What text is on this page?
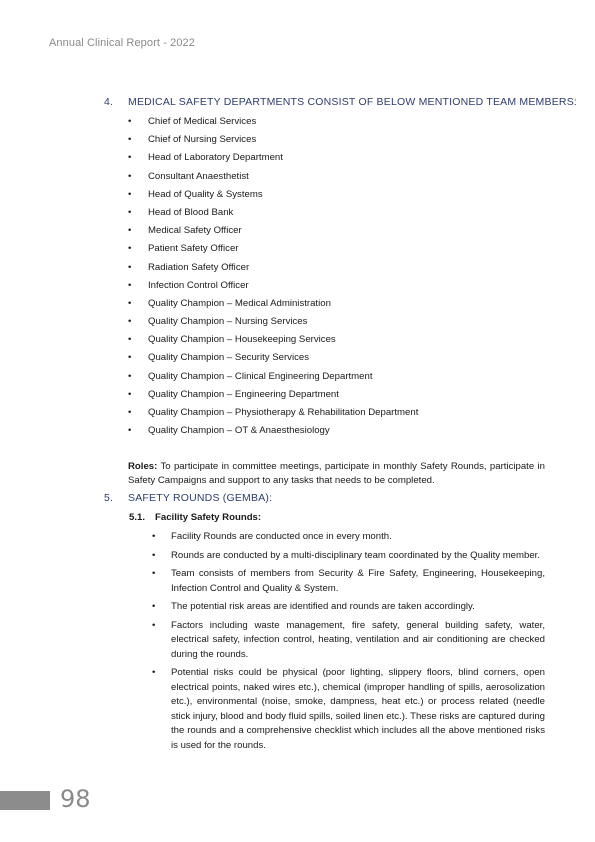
Annual Clinical Report - 2022
4. MEDICAL SAFETY DEPARTMENTS CONSIST OF BELOW MENTIONED TEAM MEMBERS:
• Chief of Medical Services
• Chief of Nursing Services
• Head of Laboratory Department
• Consultant Anaesthetist
• Head of Quality & Systems
• Head of Blood Bank
• Medical Safety Officer
• Patient Safety Officer
• Radiation Safety Officer
• Infection Control Officer
• Quality Champion – Medical Administration
• Quality Champion – Nursing Services
• Quality Champion – Housekeeping Services
• Quality Champion – Security Services
• Quality Champion – Clinical Engineering Department
• Quality Champion – Engineering Department
• Quality Champion – Physiotherapy & Rehabilitation Department
• Quality Champion – OT & Anaesthesiology

Roles: To participate in committee meetings, participate in monthly Safety Rounds, participate in Safety Campaigns and support to any tasks that needs to be completed.

5. SAFETY ROUNDS (GEMBA):
5.1. Facility Safety Rounds:
• Facility Rounds are conducted once in every month.
• Rounds are conducted by a multi-disciplinary team coordinated by the Quality member.
• Team consists of members from Security & Fire Safety, Engineering, Housekeeping, Infection Control and Quality & System.
• The potential risk areas are identified and rounds are taken accordingly.
• Factors including waste management, fire safety, general building safety, water, electrical safety, infection control, heating, ventilation and air conditioning are checked during the rounds.
• Potential risks could be physical (poor lighting, slippery floors, blind corners, open electrical points, naked wires etc.), chemical (improper handling of spills, aerosolization etc.), environmental (noise, smoke, dampness, heat etc.) or process related (needle stick injury, blood and body fluid spills, soiled linen etc.). These risks are captured during the rounds and a comprehensive checklist which includes all the above mentioned risks is used for the rounds.
98
